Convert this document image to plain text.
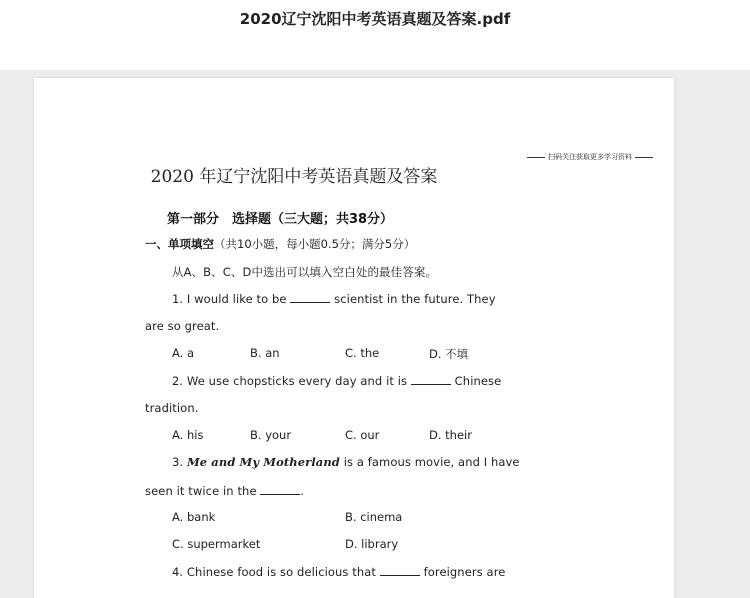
2020辽宁沈阳中考英语真题及答案.pdf
扫码关注获取更多学习资料
2020 年辽宁沈阳中考英语真题及答案
第一部分　选择题（三大题；共38分）
一、单项填空（共10小题，每小题0.5分；满分5分）
从A、B、C、D中选出可以填入空白处的最佳答案。
1. I would like to be	scientist in the future. They
are so great.
A. a	B. an	C. the	D. 不填
2. We use chopsticks every day and it is	Chinese
tradition.
A. his	B. your	C. our	D. their
3. Me and My Motherland is a famous movie, and I have
seen it twice in the	.
A. bank	B. cinema
C. supermarket	D. library
4. Chinese food is so delicious that	foreigners are
